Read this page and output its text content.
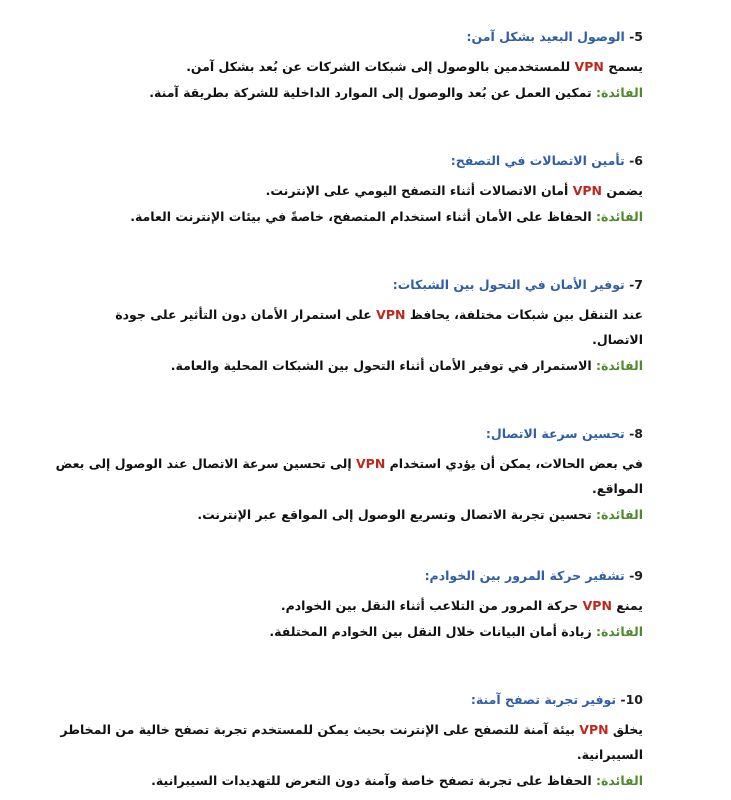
5- الوصول البعيد بشكل آمن:

يسمح VPN للمستخدمين بالوصول إلى شبكات الشركات عن بُعد بشكل آمن.

الفائدة: تمكين العمل عن بُعد والوصول إلى الموارد الداخلية للشركة بطريقة آمنة.

6- تأمين الاتصالات في التصفح:

يضمن VPN أمان الاتصالات أثناء التصفح اليومي على الإنترنت.

الفائدة: الحفاظ على الأمان أثناء استخدام المتصفح، خاصةً في بيئات الإنترنت العامة.

7- توفير الأمان في التحول بين الشبكات:

عند التنقل بين شبكات مختلفة، يحافظ VPN على استمرار الأمان دون التأثير على جودة الاتصال.

الفائدة: الاستمرار في توفير الأمان أثناء التحول بين الشبكات المحلية والعامة.

8- تحسين سرعة الاتصال:

في بعض الحالات، يمكن أن يؤدي استخدام VPN إلى تحسين سرعة الاتصال عند الوصول إلى بعض المواقع.

الفائدة: تحسين تجربة الاتصال وتسريع الوصول إلى المواقع عبر الإنترنت.

9- تشفير حركة المرور بين الخوادم:

يمنع VPN حركة المرور من التلاعب أثناء النقل بين الخوادم.

الفائدة: زيادة أمان البيانات خلال النقل بين الخوادم المختلفة.

10- توفير تجربة تصفح آمنة:

يخلق VPN بيئة آمنة للتصفح على الإنترنت بحيث يمكن للمستخدم تجربة تصفح خالية من المخاطر السيبرانية.

الفائدة: الحفاظ على تجربة تصفح خاصة وآمنة دون التعرض للتهديدات السيبرانية.
